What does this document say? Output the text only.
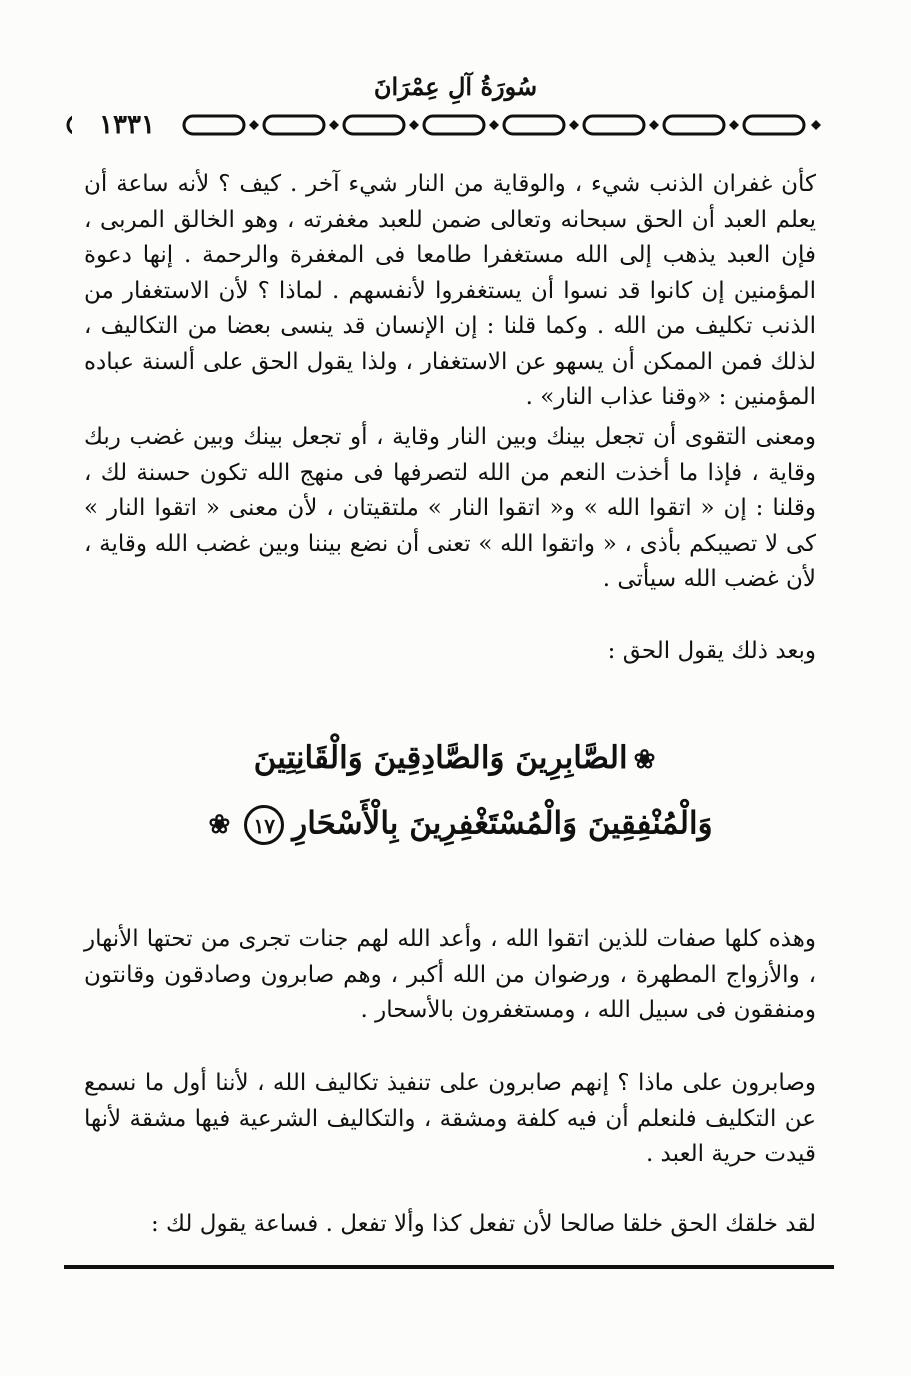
سُورَةُ آلِ عِمْرَانَ
١٣٣١

كأن غفران الذنب شيء ، والوقاية من النار شيء آخر . كيف ؟ لأنه ساعة أن يعلم العبد أن الحق سبحانه وتعالى ضمن للعبد مغفرته ، وهو الخالق المربى ، فإن العبد يذهب إلى الله مستغفرا طامعا فى المغفرة والرحمة . إنها دعوة المؤمنين إن كانوا قد نسوا أن يستغفروا لأنفسهم . لماذا ؟ لأن الاستغفار من الذنب تكليف من الله . وكما قلنا : إن الإنسان قد ينسى بعضا من التكاليف ، لذلك فمن الممكن أن يسهو عن الاستغفار ، ولذا يقول الحق على ألسنة عباده المؤمنين : «وقنا عذاب النار» .

ومعنى التقوى أن تجعل بينك وبين النار وقاية ، أو تجعل بينك وبين غضب ربك وقاية ، فإذا ما أخذت النعم من الله لتصرفها فى منهج الله تكون حسنة لك ، وقلنا : إن « اتقوا الله » و« اتقوا النار » ملتقيتان ، لأن معنى « اتقوا النار » كى لا تصيبكم بأذى ، « واتقوا الله » تعنى أن نضع بيننا وبين غضب الله وقاية ، لأن غضب الله سيأتى .

وبعد ذلك يقول الحق :

❀الصَّابِرِينَ وَالصَّادِقِينَ وَالْقَانِتِينَ
وَالْمُنْفِقِينَ وَالْمُسْتَغْفِرِينَ بِالْأَسْحَارِ١٧❀

وهذه كلها صفات للذين اتقوا الله ، وأعد الله لهم جنات تجرى من تحتها الأنهار ، والأزواج المطهرة ، ورضوان من الله أكبر ، وهم صابرون وصادقون وقانتون ومنفقون فى سبيل الله ، ومستغفرون بالأسحار .

وصابرون على ماذا ؟ إنهم صابرون على تنفيذ تكاليف الله ، لأننا أول ما نسمع عن التكليف فلنعلم أن فيه كلفة ومشقة ، والتكاليف الشرعية فيها مشقة لأنها قيدت حرية العبد .

لقد خلقك الحق خلقا صالحا لأن تفعل كذا وألا تفعل . فساعة يقول لك :
